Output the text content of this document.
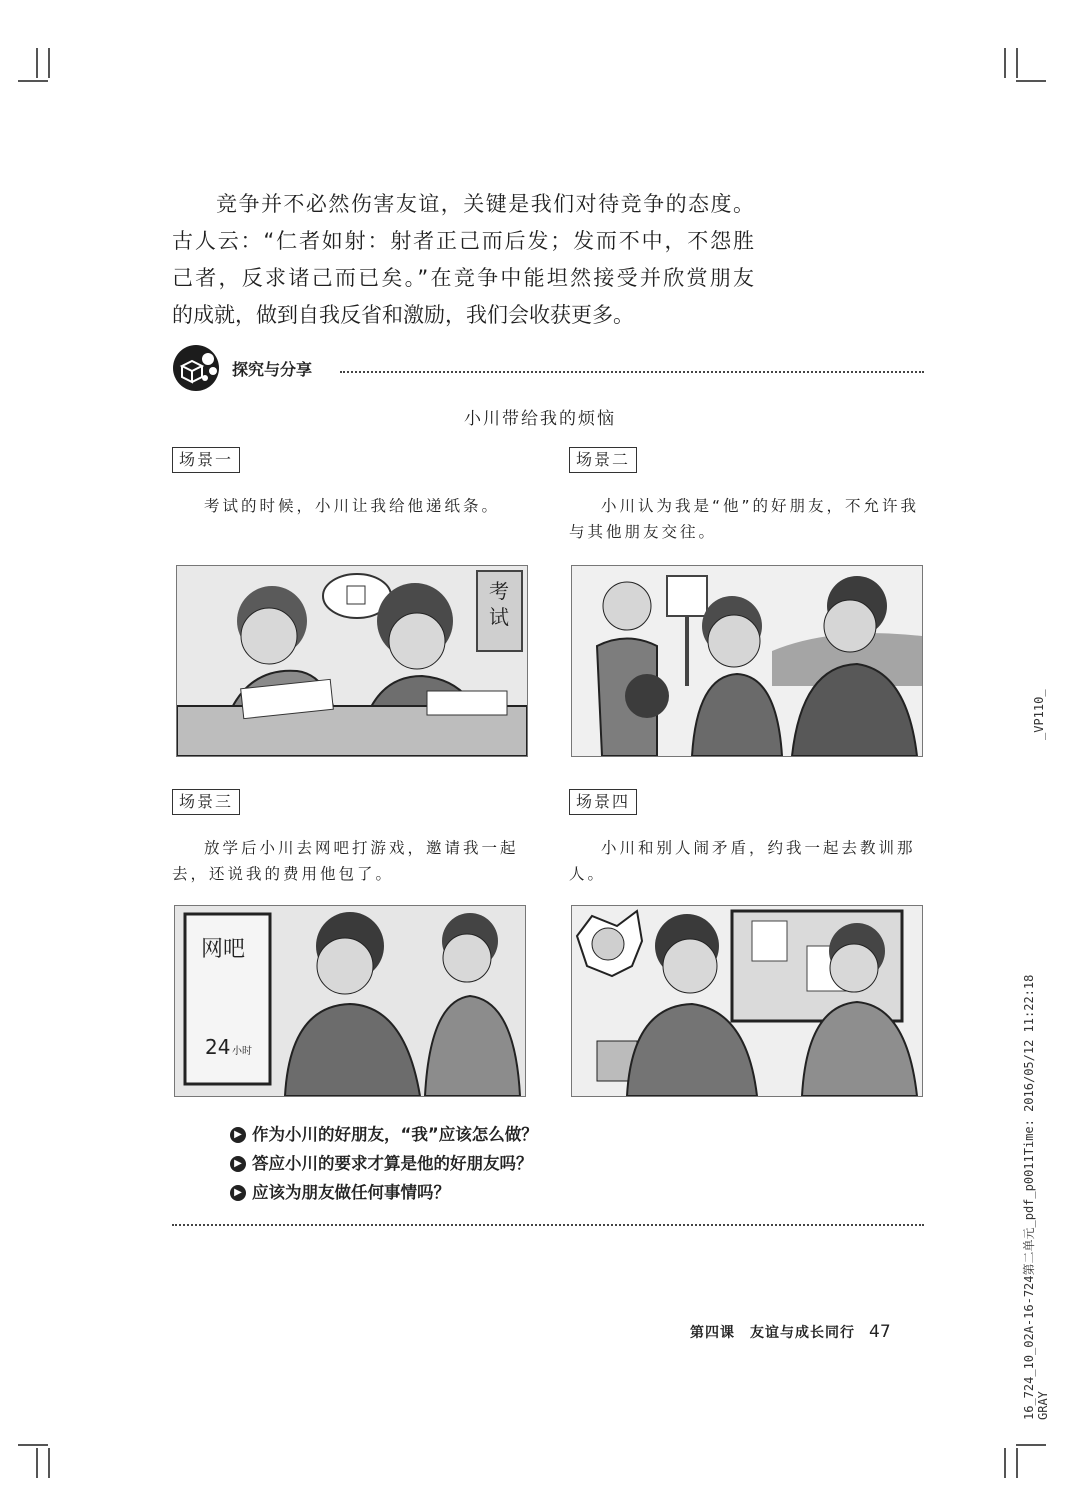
竞争并不必然伤害友谊，关键是我们对待竞争的态度。

古人云：“仁者如射：射者正己而后发；发而不中，不怨胜

己者，反求诸己而已矣。”在竞争中能坦然接受并欣赏朋友

的成就，做到自我反省和激励，我们会收获更多。

探究与分享
小川带给我的烦恼
场景一

考试的时候，小川让我给他递纸条。

考
试
场景二

小川认为我是“他”的好朋友，不允许我与其他朋友交往。

场景三

放学后小川去网吧打游戏，邀请我一起去，还说我的费用他包了。

网吧
24 小时
场景四

小川和别人闹矛盾，约我一起去教训那人。

▶ 作为小川的好朋友，“我”应该怎么做？
▶ 答应小川的要求才算是他的好朋友吗？
▶ 应该为朋友做任何事情吗？
第四课　友谊与成长同行 47
_VP110_
16_724_10_02A-16-724第二单元_pdf_p0011Time: 2016/05/12 11:22:18 GRAY
